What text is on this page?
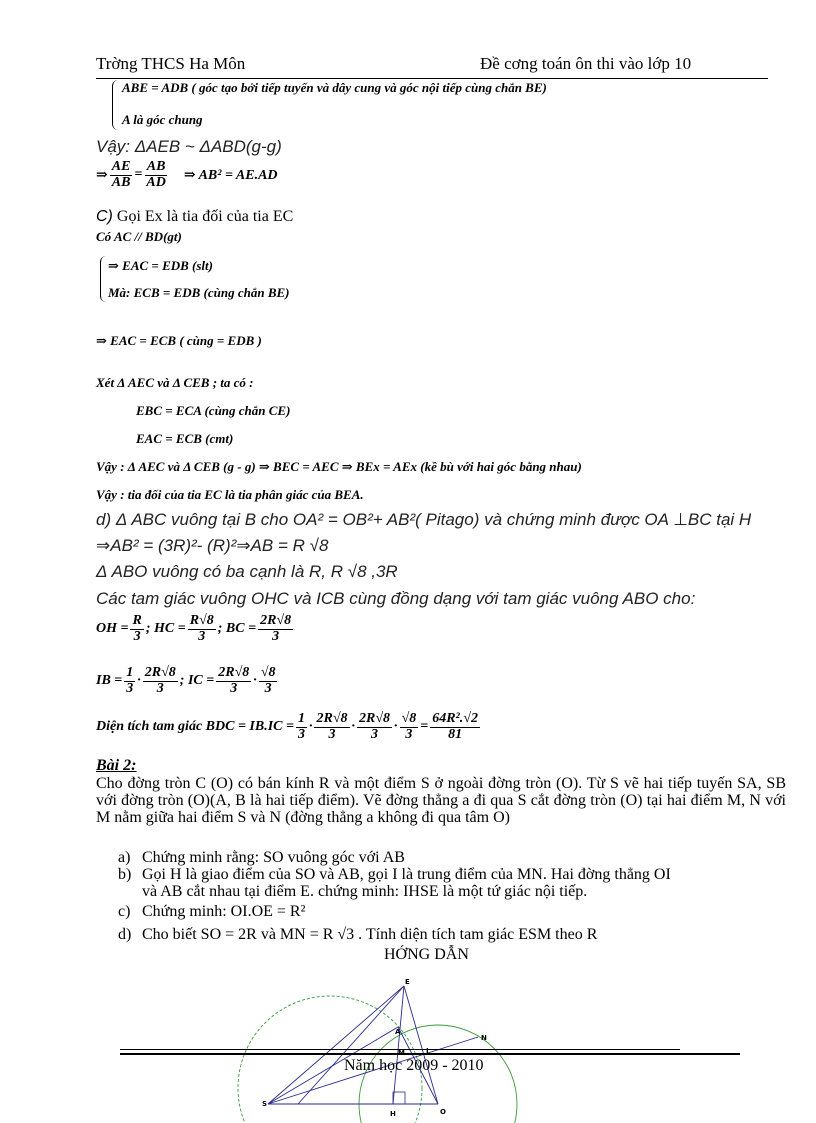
Trờng THCS Ha Môn	Đề cơng toán ôn thi vào lớp 10
ABE = ADB ( góc tạo bởi tiếp tuyến và dây cung và góc nội tiếp cùng chắn BE)
A là góc chung
Vậy: ΔAEB ~ ΔABD(g-g)
⇒ $\frac{AE}{AB} = \frac{AB}{AD}$ ⇒ AB² = AE.AD
C) Gọi Ex là tia đối của tia EC
Có AC // BD(gt)
⇒ EAC = EDB (slt)
Mà: ECB = EDB (cùng chắn BE)
⇒ EAC = ECB ( cùng = EDB )
Xét Δ AEC và Δ CEB ; ta có :
EBC = ECA (cùng chắn CE)
EAC = ECB (cmt)
Vậy : Δ AEC và Δ CEB (g - g) ⇒ BEC = AEC ⇒ BEx = AEx (kề bù với hai góc bằng nhau)
Vậy : tia đối của tia EC là tia phân giác của BEA.
d) Δ ABC vuông tại B cho OA² = OB²+ AB²( Pitago) và chứng minh được OA ⊥BC tại H
⇒AB² = (3R)²- (R)²⇒AB = R √8
Δ ABO vuông có ba cạnh là R, R √8 ,3R
Các tam giác vuông OHC và ICB cùng đồng dạng với tam giác vuông ABO cho:
OH = $\frac{R}{3}$ ; HC = $\frac{R√8}{3}$ ; BC = $\frac{2R√8}{3}$
IB = $\frac{1}{3} \cdot \frac{2R√8}{3}$ ; IC = $\frac{2R√8}{3} \cdot \frac{√8}{3}$
Diện tích tam giác BDC = $IB.IC = \frac{1}{3} \cdot \frac{2R√8}{3} \cdot \frac{2R√8}{3} \cdot \frac{√8}{3} = \frac{\text{64R².√2}}{81}$
Bài 2:
Cho đờng tròn C (O) có bán kính R và một điểm S ở ngoài đờng tròn (O). Từ S vẽ hai tiếp tuyến SA, SB với đờng tròn (O)(A, B là hai tiếp điểm). Vẽ đờng thẳng a đi qua S cắt đờng tròn (O) tại hai điểm M, N với M nằm giữa hai điểm S và N (đờng thẳng a không đi qua tâm O)
a) Chứng minh rằng: SO vuông góc với AB
b) Gọi H là giao điểm của SO và AB, gọi I là trung điểm của MN. Hai đờng thẳng OI
và AB cắt nhau tại điểm E. chứng minh: IHSE là một tứ giác nội tiếp.
c) Chứng minh: OI.OE = R²
d) Cho biết SO = 2R và MN = R √3 . Tính diện tích tam giác ESM theo R
HỚNG DẪN
E
A
N
I
M
S
H	O
Năm học 2009 - 2010
